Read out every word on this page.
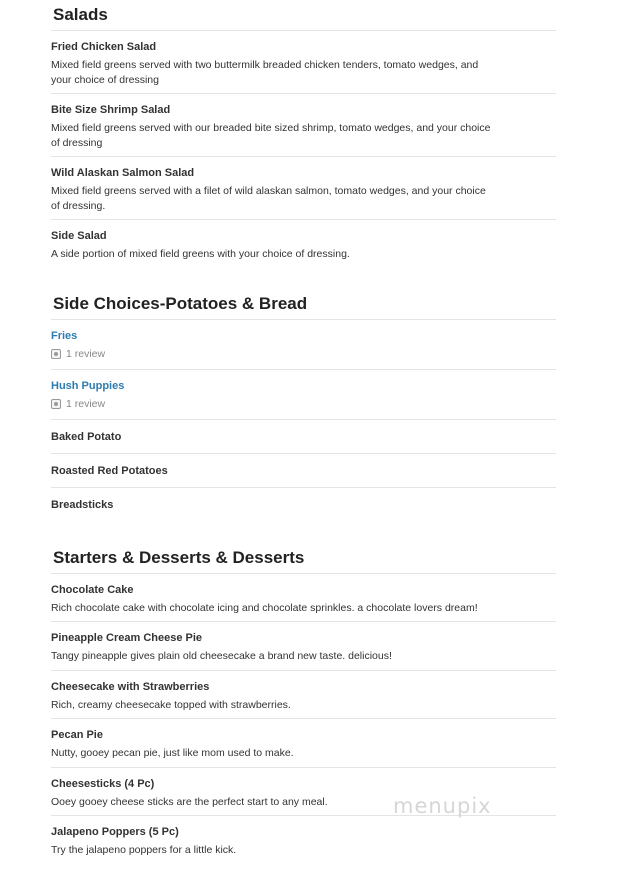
Salads
Fried Chicken Salad
Mixed field greens served with two buttermilk breaded chicken tenders, tomato wedges, and your choice of dressing
Bite Size Shrimp Salad
Mixed field greens served with our breaded bite sized shrimp, tomato wedges, and your choice of dressing
Wild Alaskan Salmon Salad
Mixed field greens served with a filet of wild alaskan salmon, tomato wedges, and your choice of dressing.
Side Salad
A side portion of mixed field greens with your choice of dressing.
Side Choices-Potatoes & Bread
Fries
1 review
Hush Puppies
1 review
Baked Potato
Roasted Red Potatoes
Breadsticks
Starters & Desserts & Desserts
Chocolate Cake
Rich chocolate cake with chocolate icing and chocolate sprinkles. a chocolate lovers dream!
Pineapple Cream Cheese Pie
Tangy pineapple gives plain old cheesecake a brand new taste. delicious!
Cheesecake with Strawberries
Rich, creamy cheesecake topped with strawberries.
Pecan Pie
Nutty, gooey pecan pie, just like mom used to make.
Cheesesticks (4 Pc)
Ooey gooey cheese sticks are the perfect start to any meal.
Jalapeno Poppers (5 Pc)
Try the jalapeno poppers for a little kick.
menupix
